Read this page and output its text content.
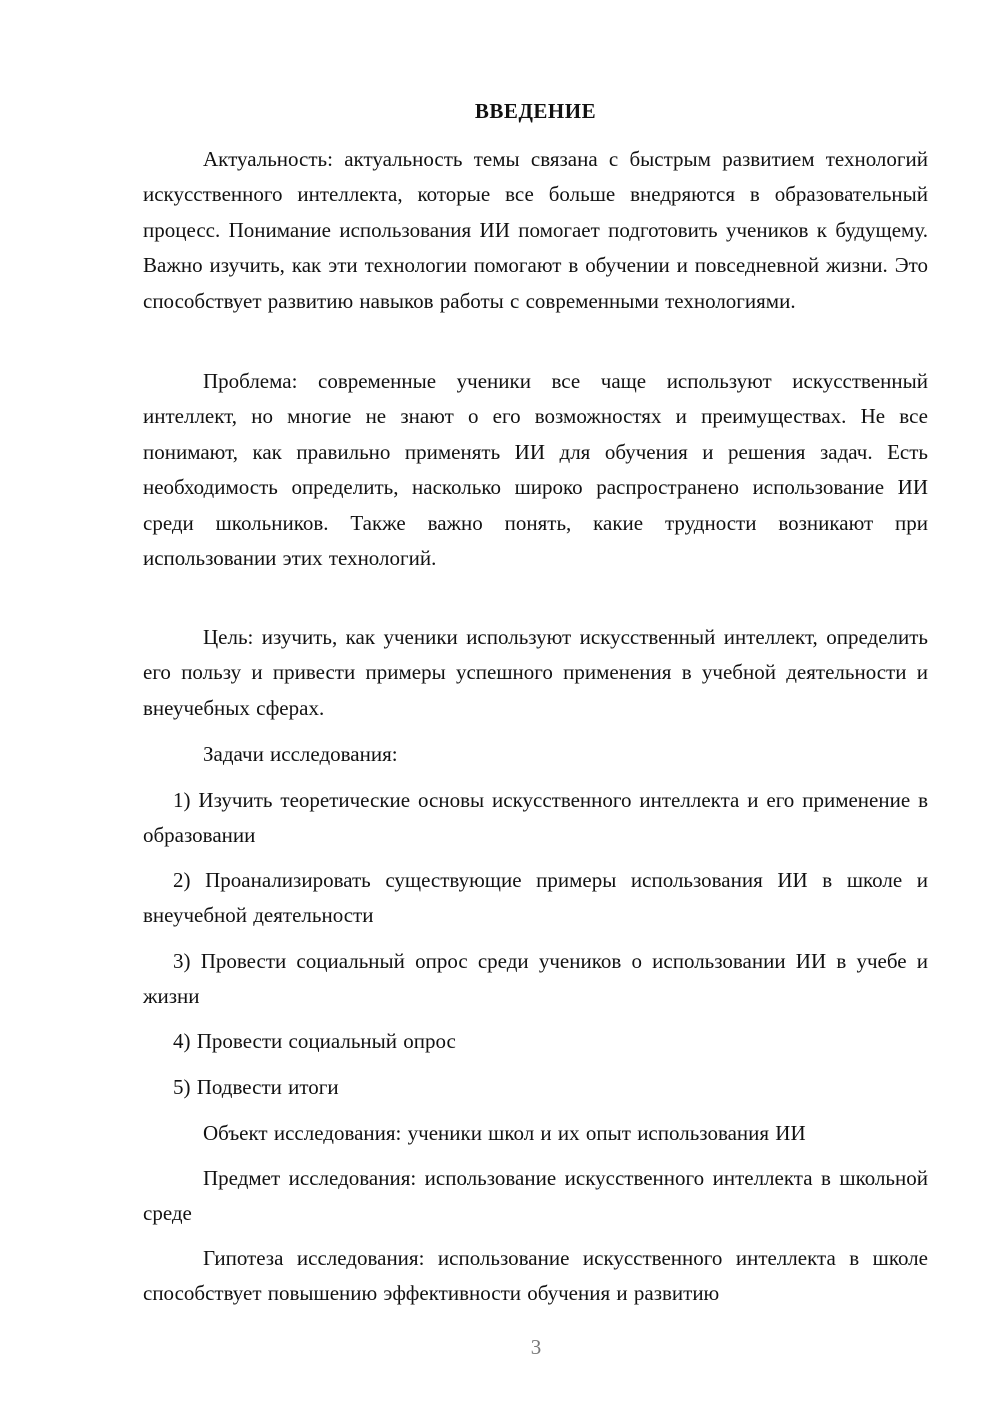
ВВЕДЕНИЕ

Актуальность: актуальность темы связана с быстрым развитием технологий искусственного интеллекта, которые все больше внедряются в образовательный процесс. Понимание использования ИИ помогает подготовить учеников к будущему. Важно изучить, как эти технологии помогают в обучении и повседневной жизни. Это способствует развитию навыков работы с современными технологиями.

Проблема: современные ученики все чаще используют искусственный интеллект, но многие не знают о его возможностях и преимуществах. Не все понимают, как правильно применять ИИ для обучения и решения задач. Есть необходимость определить, насколько широко распространено использование ИИ среди школьников. Также важно понять, какие трудности возникают при использовании этих технологий.

Цель: изучить, как ученики используют искусственный интеллект, определить его пользу и привести примеры успешного применения в учебной деятельности и внеучебных сферах.

Задачи исследования:

1) Изучить теоретические основы искусственного интеллекта и его применение в образовании

2) Проанализировать существующие примеры использования ИИ в школе и внеучебной деятельности

3) Провести социальный опрос среди учеников о использовании ИИ в учебе и жизни

4) Провести социальный опрос

5) Подвести итоги

Объект исследования: ученики школ и их опыт использования ИИ

Предмет исследования: использование искусственного интеллекта в школьной среде

Гипотеза исследования: использование искусственного интеллекта в школе способствует повышению эффективности обучения и развитию

3
